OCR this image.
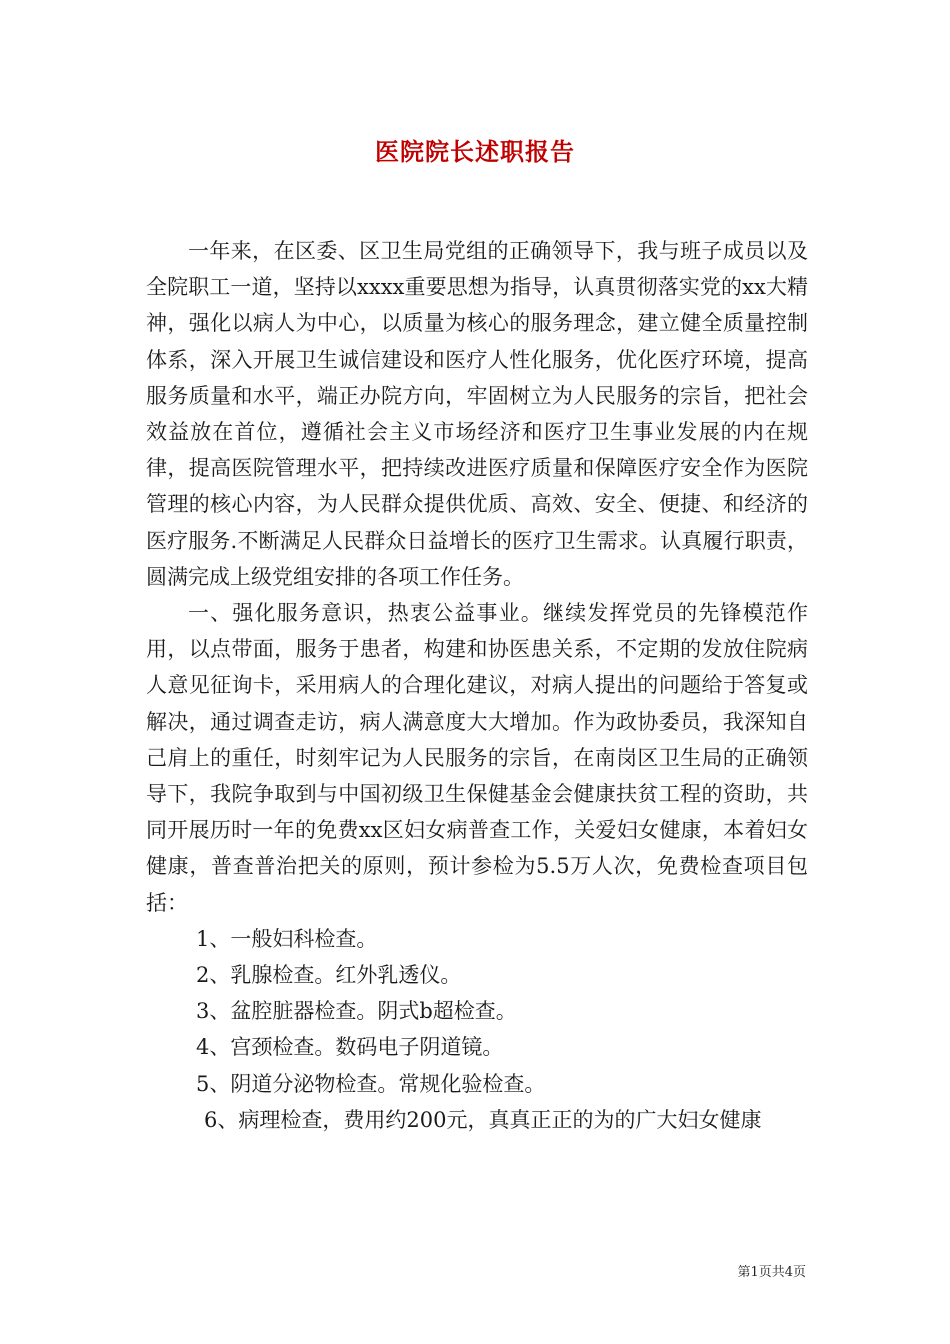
医院院长述职报告

一年来，在区委、区卫生局党组的正确领导下，我与班子成员以及全院职工一道，坚持以xxxx重要思想为指导，认真贯彻落实党的xx大精神，强化以病人为中心，以质量为核心的服务理念，建立健全质量控制体系，深入开展卫生诚信建设和医疗人性化服务，优化医疗环境，提高服务质量和水平，端正办院方向，牢固树立为人民服务的宗旨，把社会效益放在首位，遵循社会主义市场经济和医疗卫生事业发展的内在规律，提高医院管理水平，把持续改进医疗质量和保障医疗安全作为医院管理的核心内容，为人民群众提供优质、高效、安全、便捷、和经济的医疗服务.不断满足人民群众日益增长的医疗卫生需求。认真履行职责，圆满完成上级党组安排的各项工作任务。

一、强化服务意识，热衷公益事业。继续发挥党员的先锋模范作用，以点带面，服务于患者，构建和协医患关系，不定期的发放住院病人意见征询卡，采用病人的合理化建议，对病人提出的问题给于答复或解决，通过调查走访，病人满意度大大增加。作为政协委员，我深知自己肩上的重任，时刻牢记为人民服务的宗旨，在南岗区卫生局的正确领导下，我院争取到与中国初级卫生保健基金会健康扶贫工程的资助，共同开展历时一年的免费xx区妇女病普查工作，关爱妇女健康，本着妇女健康，普查普治把关的原则，预计参检为5.5万人次，免费检查项目包括：

1、一般妇科检查。

2、乳腺检查。红外乳透仪。

3、盆腔脏器检查。阴式b超检查。

4、宫颈检查。数码电子阴道镜。

5、阴道分泌物检查。常规化验检查。

6、病理检查，费用约200元，真真正正的为的广大妇女健康

第1页共4页
